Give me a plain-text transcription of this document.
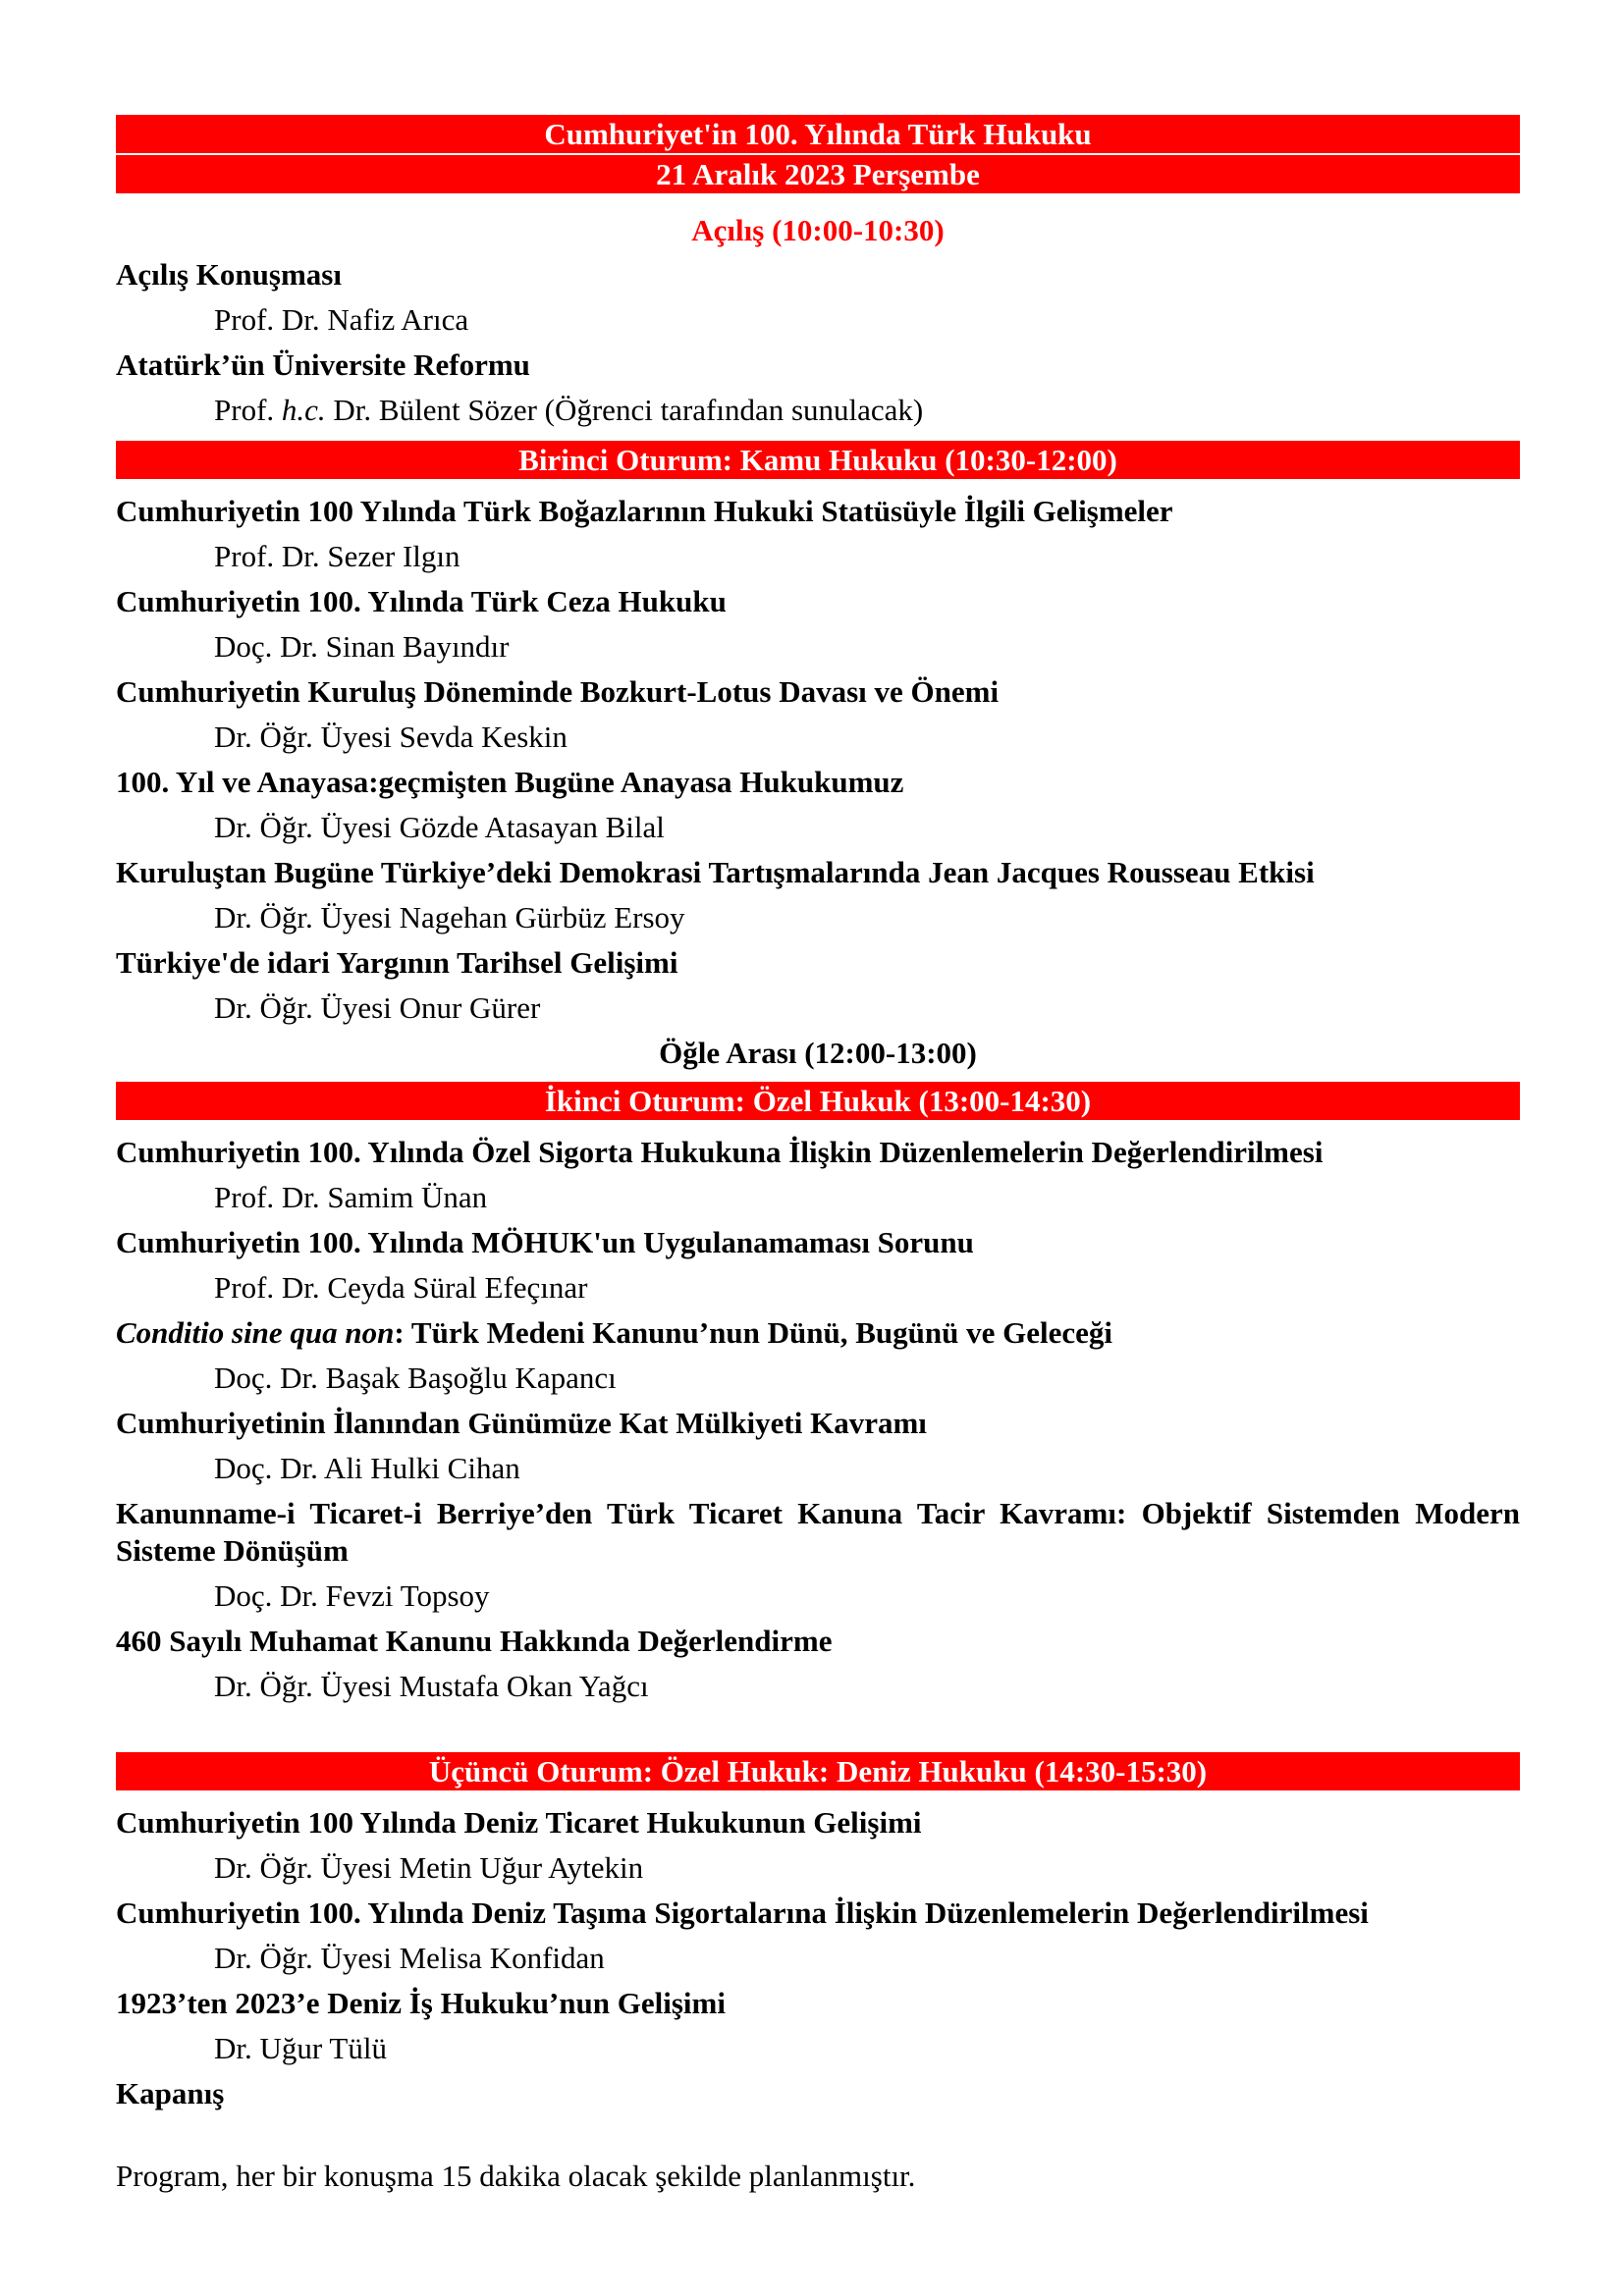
Cumhuriyet'in 100. Yılında Türk Hukuku
21 Aralık 2023 Perşembe
Açılış (10:00-10:30)
Açılış Konuşması
Prof. Dr. Nafiz Arıca
Atatürk’ün Üniversite Reformu
Prof. h.c. Dr. Bülent Sözer (Öğrenci tarafından sunulacak)
Birinci Oturum: Kamu Hukuku (10:30-12:00)
Cumhuriyetin 100 Yılında Türk Boğazlarının Hukuki Statüsüyle İlgili Gelişmeler
Prof. Dr. Sezer Ilgın
Cumhuriyetin 100. Yılında Türk Ceza Hukuku
Doç. Dr. Sinan Bayındır
Cumhuriyetin Kuruluş Döneminde Bozkurt-Lotus Davası ve Önemi
Dr. Öğr. Üyesi Sevda Keskin
100. Yıl ve Anayasa:geçmişten Bugüne Anayasa Hukukumuz
Dr. Öğr. Üyesi Gözde Atasayan Bilal
Kuruluştan Bugüne Türkiye’deki Demokrasi Tartışmalarında Jean Jacques Rousseau Etkisi
Dr. Öğr. Üyesi Nagehan Gürbüz Ersoy
Türkiye'de idari Yargının Tarihsel Gelişimi
Dr. Öğr. Üyesi Onur Gürer
Öğle Arası (12:00-13:00)
İkinci Oturum: Özel Hukuk (13:00-14:30)
Cumhuriyetin 100. Yılında Özel Sigorta Hukukuna İlişkin Düzenlemelerin Değerlendirilmesi
Prof. Dr. Samim Ünan
Cumhuriyetin 100. Yılında MÖHUK'un Uygulanamaması Sorunu
Prof. Dr. Ceyda Süral Efeçınar
Conditio sine qua non: Türk Medeni Kanunu’nun Dünü, Bugünü ve Geleceği
Doç. Dr. Başak Başoğlu Kapancı
Cumhuriyetinin İlanından Günümüze Kat Mülkiyeti Kavramı
Doç. Dr. Ali Hulki Cihan
Kanunname-i Ticaret-i Berriye’den Türk Ticaret Kanuna Tacir Kavramı: Objektif Sistemden Modern Sisteme Dönüşüm
Doç. Dr. Fevzi Topsoy
460 Sayılı Muhamat Kanunu Hakkında Değerlendirme
Dr. Öğr. Üyesi Mustafa Okan Yağcı
Üçüncü Oturum: Özel Hukuk: Deniz Hukuku (14:30-15:30)
Cumhuriyetin 100 Yılında Deniz Ticaret Hukukunun Gelişimi
Dr. Öğr. Üyesi Metin Uğur Aytekin
Cumhuriyetin 100. Yılında Deniz Taşıma Sigortalarına İlişkin Düzenlemelerin Değerlendirilmesi
Dr. Öğr. Üyesi Melisa Konfidan
1923’ten 2023’e Deniz İş Hukuku’nun Gelişimi
Dr. Uğur Tülü
Kapanış
Program, her bir konuşma 15 dakika olacak şekilde planlanmıştır.
